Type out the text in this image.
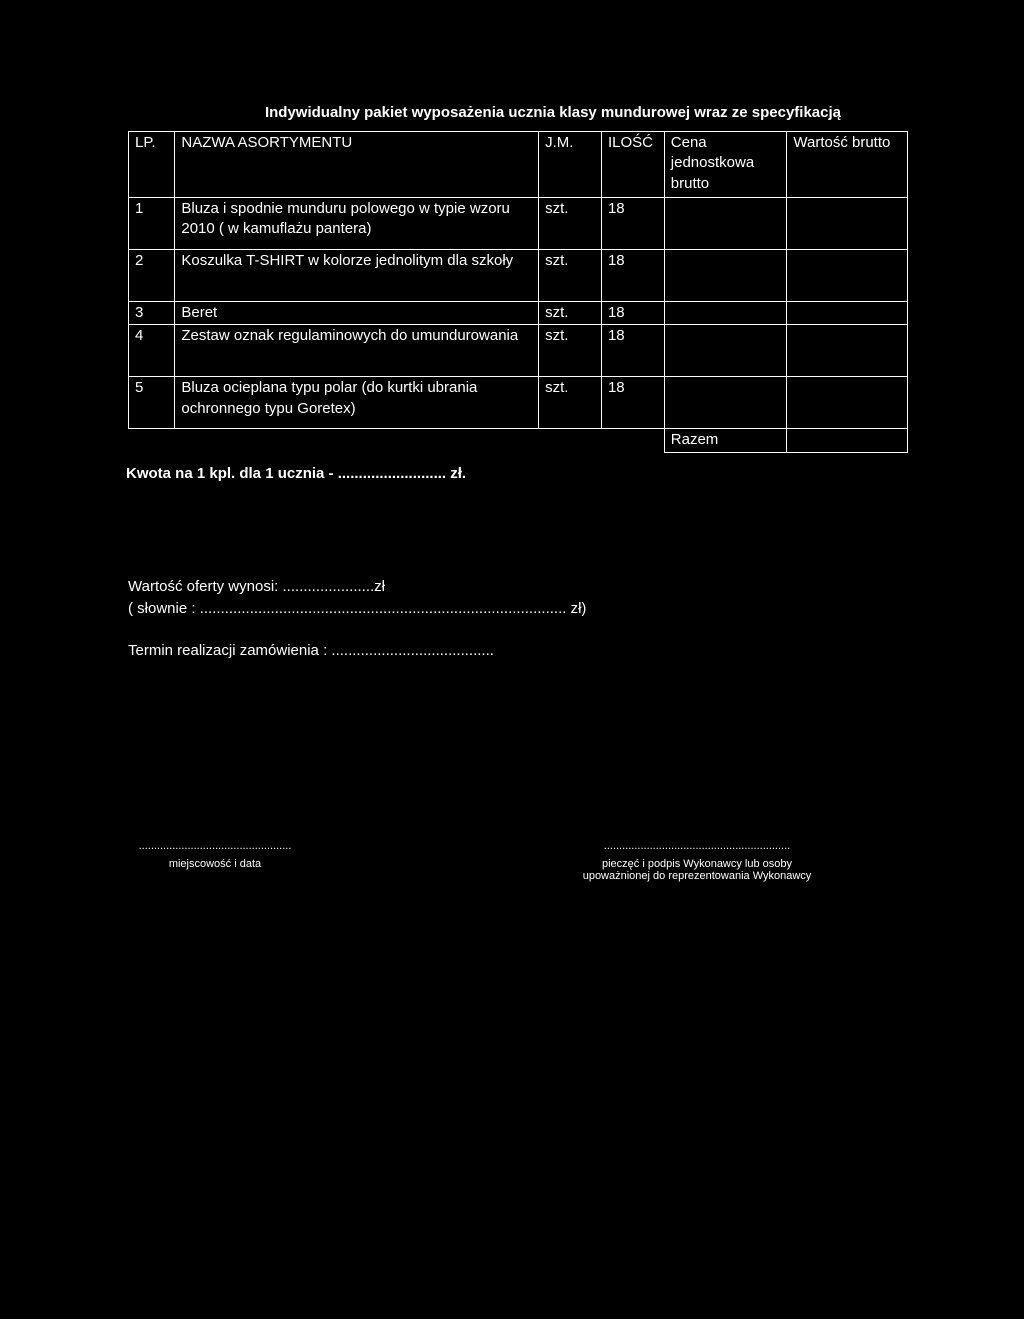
Indywidualny pakiet wyposażenia ucznia klasy mundurowej wraz ze specyfikacją
LP.	NAZWA ASORTYMENTU	J.M.	ILOŚĆ	Cena jednostkowa brutto	Wartość brutto
1	Bluza i spodnie munduru polowego w typie wzoru 2010 ( w kamuflażu pantera)	szt.	18		
2	Koszulka T-SHIRT w kolorze jednolitym dla szkoły	szt.	18		
3	Beret	szt.	18		
4	Zestaw oznak regulaminowych do umundurowania	szt.	18		
5	Bluza ocieplana typu polar (do kurtki ubrania ochronnego typu Goretex)	szt.	18		
				Razem	
Kwota na 1 kpl. dla 1 ucznia - .......................... zł.

Wartość oferty wynosi: ......................zł

( słownie : ........................................................................................ zł)

Termin realizacji zamówienia : .......................................

..................................................
miejscowość i data
.............................................................
pieczęć i podpis Wykonawcy lub osoby
upoważnionej do reprezentowania Wykonawcy
